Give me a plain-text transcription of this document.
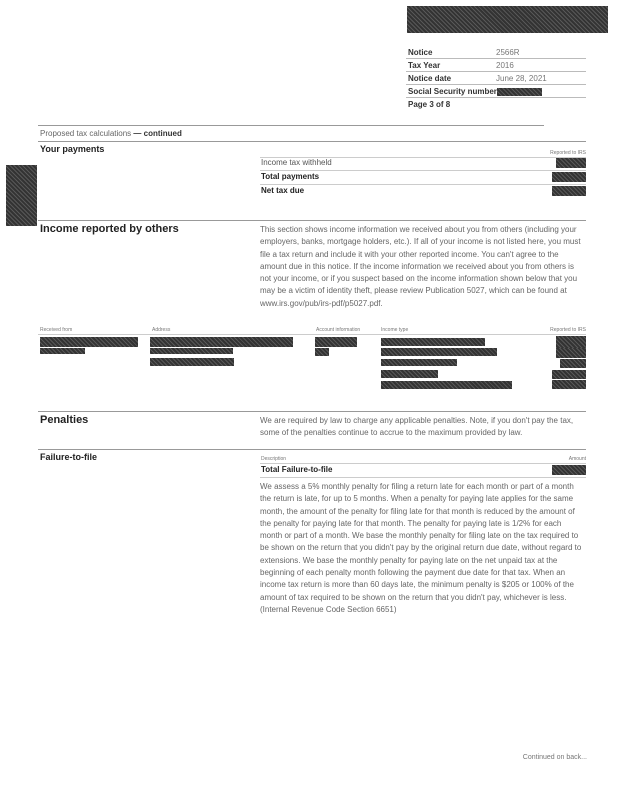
Notice	2566R
Tax Year	2016
Notice date	June 28, 2021
Social Security number
Page 3 of 8
Proposed tax calculations — continued
Your payments	Reported to IRS
Income tax withheld
Total payments
Net tax due
Income reported by others	This section shows income information we received about you from others (including your employers, banks, mortgage holders, etc.). If all of your income is not listed here, you must file a tax return and include it with your other reported income. You can't agree to the amount due in this notice. If the income information we received about you from others is not your income, or if you suspect based on the income information shown below that you may be a victim of identity theft, please review Publication 5027, which can be found at www.irs.gov/pub/irs-pdf/p5027.pdf.
Received from	Address	Account information	Income type	Reported to IRS
Penalties	We are required by law to charge any applicable penalties. Note, if you don't pay the tax, some of the penalties continue to accrue to the maximum provided by law.
Failure-to-file	Description	Amount
Total Failure-to-file
We assess a 5% monthly penalty for filing a return late for each month or part of a month the return is late, for up to 5 months. When a penalty for paying late applies for the same month, the amount of the penalty for filing late for that month is reduced by the amount of the penalty for paying late for that month. The penalty for paying late is 1/2% for each month or part of a month. We base the monthly penalty for filing late on the tax required to be shown on the return that you didn't pay by the original return due date, without regard to extensions. We base the monthly penalty for paying late on the net unpaid tax at the beginning of each penalty month following the payment due date for that tax. When an income tax return is more than 60 days late, the minimum penalty is $205 or 100% of the amount of tax required to be shown on the return that you didn't pay, whichever is less. (Internal Revenue Code Section 6651)
Continued on back...
